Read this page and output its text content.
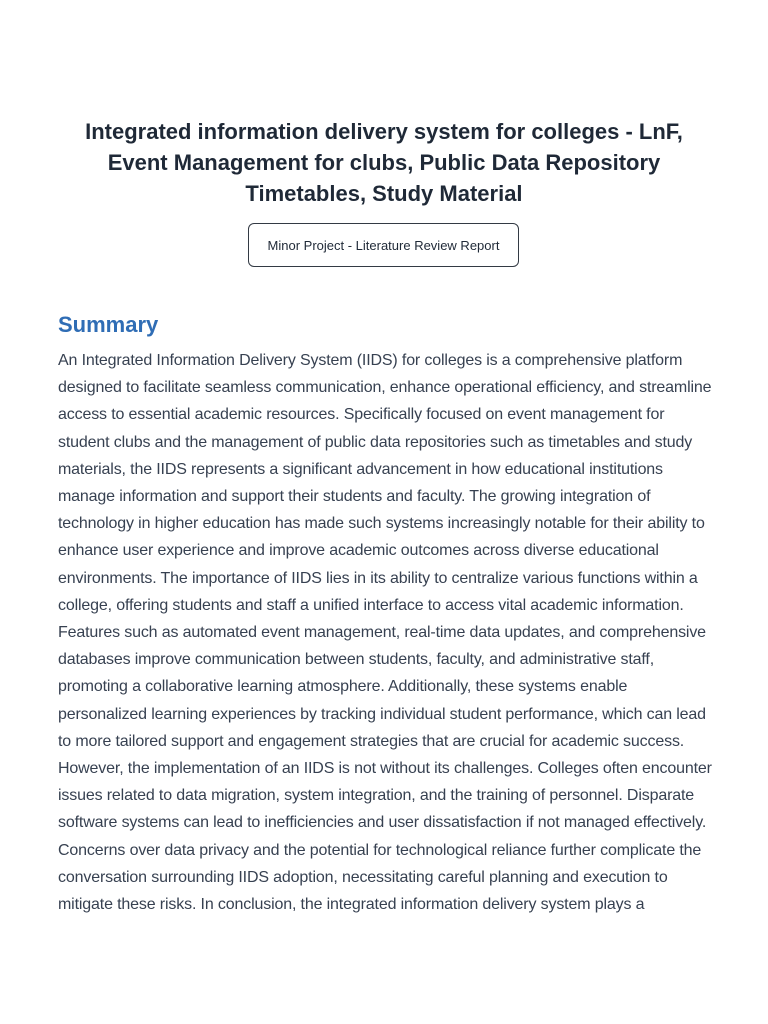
Integrated information delivery system for colleges - LnF, Event Management for clubs, Public Data Repository Timetables, Study Material
Minor Project - Literature Review Report
Summary

An Integrated Information Delivery System (IIDS) for colleges is a comprehensive platform designed to facilitate seamless communication, enhance operational efficiency, and streamline access to essential academic resources. Specifically focused on event management for student clubs and the management of public data repositories such as timetables and study materials, the IIDS represents a significant advancement in how educational institutions manage information and support their students and faculty. The growing integration of technology in higher education has made such systems increasingly notable for their ability to enhance user experience and improve academic outcomes across diverse educational environments. The importance of IIDS lies in its ability to centralize various functions within a college, offering students and staff a unified interface to access vital academic information. Features such as automated event management, real-time data updates, and comprehensive databases improve communication between students, faculty, and administrative staff, promoting a collaborative learning atmosphere. Additionally, these systems enable personalized learning experiences by tracking individual student performance, which can lead to more tailored support and engagement strategies that are crucial for academic success. However, the implementation of an IIDS is not without its challenges. Colleges often encounter issues related to data migration, system integration, and the training of personnel. Disparate software systems can lead to inefficiencies and user dissatisfaction if not managed effectively. Concerns over data privacy and the potential for technological reliance further complicate the conversation surrounding IIDS adoption, necessitating careful planning and execution to mitigate these risks. In conclusion, the integrated information delivery system plays a
